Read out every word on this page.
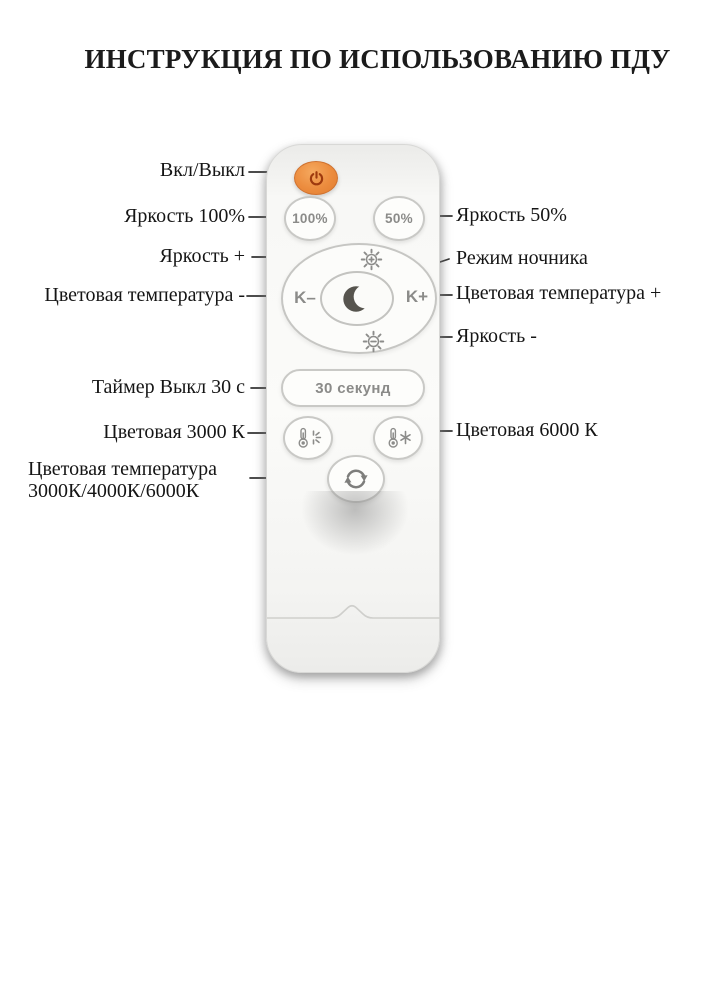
ИНСТРУКЦИЯ ПО ИСПОЛЬЗОВАНИЮ ПДУ
Вкл/Выкл
Яркость 100%
Яркость +
Цветовая температура -
Таймер Выкл 30 с
Цветовая 3000 К
Цветовая температура
3000К/4000К/6000К
Яркость 50%
Режим ночника
Цветовая температура +
Яркость -
Цветовая 6000 К
100%	50%
K–	K+
30 секунд
